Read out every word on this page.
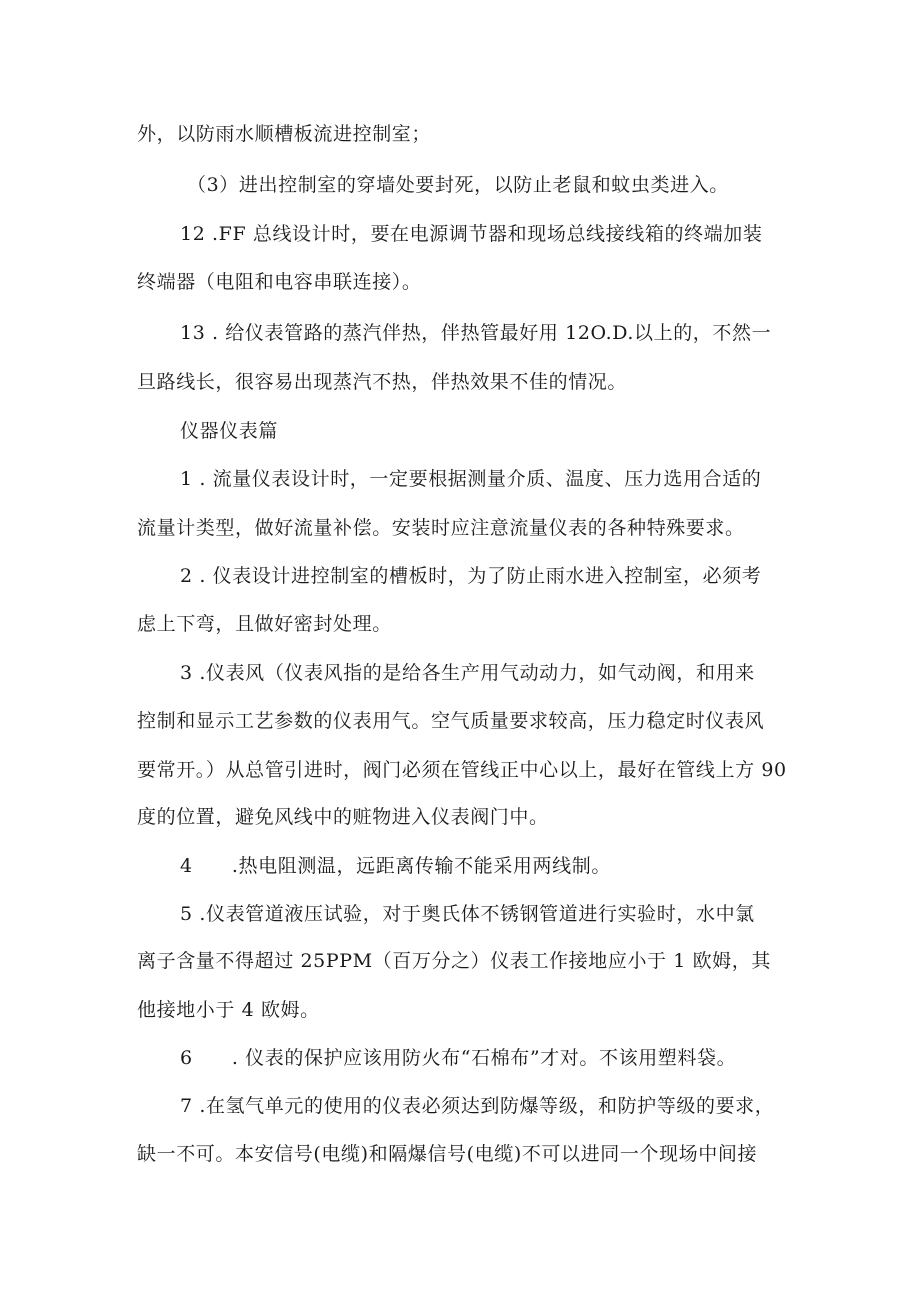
外，以防雨水顺槽板流进控制室；
（3）进出控制室的穿墙处要封死，以防止老鼠和蚊虫类进入。
12 .FF 总线设计时，要在电源调节器和现场总线接线箱的终端加装
终端器（电阻和电容串联连接）。
13 . 给仪表管路的蒸汽伴热，伴热管最好用 12O.D.以上的，不然一
旦路线长，很容易出现蒸汽不热，伴热效果不佳的情况。
仪器仪表篇
1 . 流量仪表设计时，一定要根据测量介质、温度、压力选用合适的
流量计类型，做好流量补偿。安装时应注意流量仪表的各种特殊要求。
2 . 仪表设计进控制室的槽板时，为了防止雨水进入控制室，必须考
虑上下弯，且做好密封处理。
3 .仪表风（仪表风指的是给各生产用气动动力，如气动阀，和用来
控制和显示工艺参数的仪表用气。空气质量要求较高，压力稳定时仪表风
要常开。）从总管引进时，阀门必须在管线正中心以上，最好在管线上方 90
度的位置，避免风线中的赃物进入仪表阀门中。
4　　.热电阻测温，远距离传输不能采用两线制。
5 .仪表管道液压试验，对于奥氏体不锈钢管道进行实验时，水中氯
离子含量不得超过 25PPM（百万分之）仪表工作接地应小于 1 欧姆，其
他接地小于 4 欧姆。
6　　. 仪表的保护应该用防火布“石棉布”才对。不该用塑料袋。
7 .在氢气单元的使用的仪表必须达到防爆等级，和防护等级的要求，
缺一不可。本安信号(电缆)和隔爆信号(电缆)不可以进同一个现场中间接
